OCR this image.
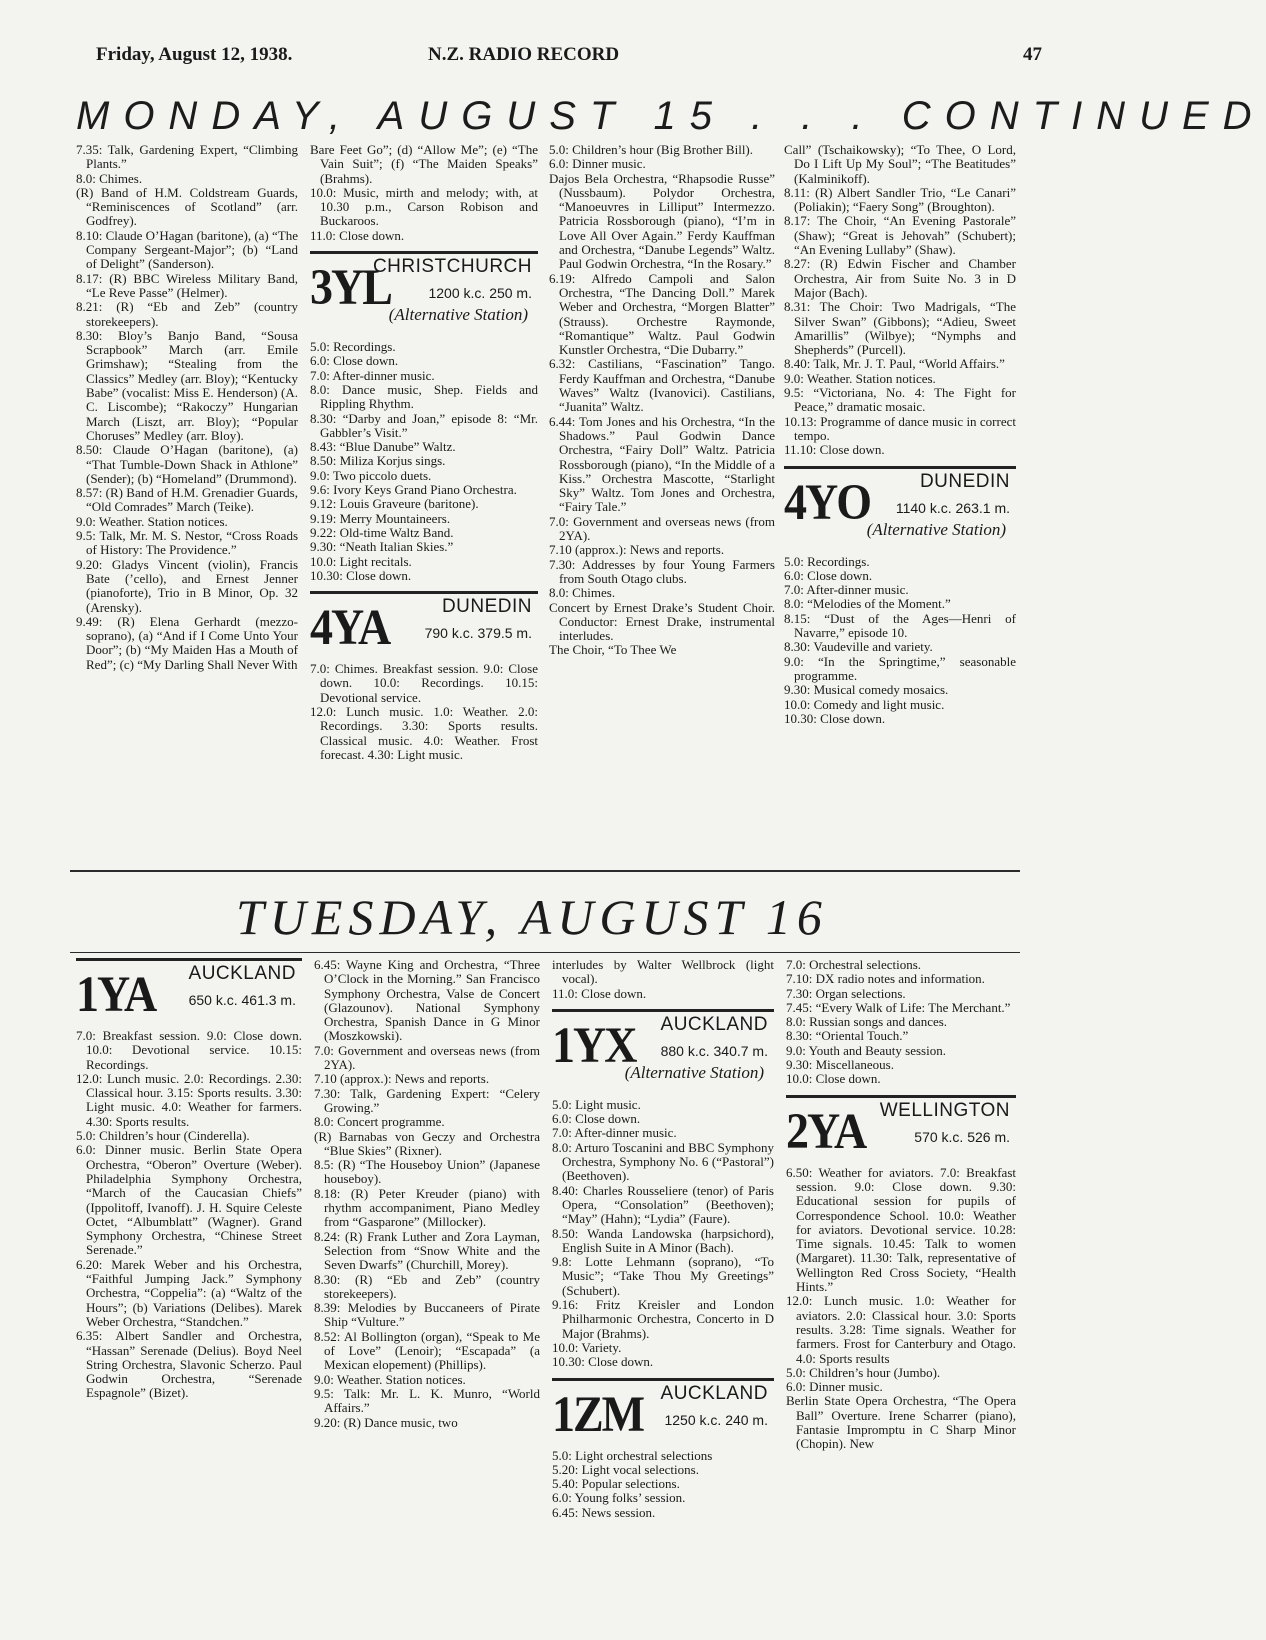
Friday, August 12, 1938.	N.Z. RADIO RECORD	47
MONDAY, AUGUST 15 . . . CONTINUED

7.35: Talk, Gardening Expert, “Climbing Plants.”

8.0: Chimes.

(R) Band of H.M. Coldstream Guards, “Reminiscences of Scotland” (arr. Godfrey).

8.10: Claude O’Hagan (baritone), (a) “The Company Sergeant-Major”; (b) “Land of Delight” (Sanderson).

8.17: (R) BBC Wireless Military Band, “Le Reve Passe” (Helmer).

8.21: (R) “Eb and Zeb” (country storekeepers).

8.30: Bloy’s Banjo Band, “Sousa Scrapbook” March (arr. Emile Grimshaw); “Stealing from the Classics” Medley (arr. Bloy); “Kentucky Babe” (vocalist: Miss E. Henderson) (A. C. Liscombe); “Rakoczy” Hungarian March (Liszt, arr. Bloy); “Popular Choruses” Medley (arr. Bloy).

8.50: Claude O’Hagan (baritone), (a) “That Tumble-Down Shack in Athlone” (Sender); (b) “Homeland” (Drummond).

8.57: (R) Band of H.M. Grenadier Guards, “Old Comrades” March (Teike).

9.0: Weather. Station notices.

9.5: Talk, Mr. M. S. Nestor, “Cross Roads of History: The Providence.”

9.20: Gladys Vincent (violin), Francis Bate (’cello), and Ernest Jenner (pianoforte), Trio in B Minor, Op. 32 (Arensky).

9.49: (R) Elena Gerhardt (mezzo-soprano), (a) “And if I Come Unto Your Door”; (b) “My Maiden Has a Mouth of Red”; (c) “My Darling Shall Never With

Bare Feet Go”; (d) “Allow Me”; (e) “The Vain Suit”; (f) “The Maiden Speaks” (Brahms).

10.0: Music, mirth and melody; with, at 10.30 p.m., Carson Robison and Buckaroos.

11.0: Close down.

3YL
CHRISTCHURCH
1200 k.c. 250 m.
(Alternative Station)

5.0: Recordings.

6.0: Close down.

7.0: After-dinner music.

8.0: Dance music, Shep. Fields and Rippling Rhythm.

8.30: “Darby and Joan,” episode 8: “Mr. Gabbler’s Visit.”

8.43: “Blue Danube” Waltz.

8.50: Miliza Korjus sings.

9.0: Two piccolo duets.

9.6: Ivory Keys Grand Piano Orchestra.

9.12: Louis Graveure (baritone).

9.19: Merry Mountaineers.

9.22: Old-time Waltz Band.

9.30: “Neath Italian Skies.”

10.0: Light recitals.

10.30: Close down.

4YA	DUNEDIN
790 k.c. 379.5 m.

7.0: Chimes. Breakfast session. 9.0: Close down. 10.0: Recordings. 10.15: Devotional service.

12.0: Lunch music. 1.0: Weather. 2.0: Recordings. 3.30: Sports results. Classical music. 4.0: Weather. Frost forecast. 4.30: Light music.

5.0: Children’s hour (Big Brother Bill).

6.0: Dinner music.

Dajos Bela Orchestra, “Rhapsodie Russe” (Nussbaum). Polydor Orchestra, “Manoeuvres in Lilliput” Intermezzo. Patricia Rossborough (piano), “I’m in Love All Over Again.” Ferdy Kauffman and Orchestra, “Danube Legends” Waltz. Paul Godwin Orchestra, “In the Rosary.”

6.19: Alfredo Campoli and Salon Orchestra, “The Dancing Doll.” Marek Weber and Orchestra, “Morgen Blatter” (Strauss). Orchestre Raymonde, “Romantique” Waltz. Paul Godwin Kunstler Orchestra, “Die Dubarry.”

6.32: Castilians, “Fascination” Tango. Ferdy Kauffman and Orchestra, “Danube Waves” Waltz (Ivanovici). Castilians, “Juanita” Waltz.

6.44: Tom Jones and his Orchestra, “In the Shadows.” Paul Godwin Dance Orchestra, “Fairy Doll” Waltz. Patricia Rossborough (piano), “In the Middle of a Kiss.” Orchestra Mascotte, “Starlight Sky” Waltz. Tom Jones and Orchestra, “Fairy Tale.”

7.0: Government and overseas news (from 2YA).

7.10 (approx.): News and reports.

7.30: Addresses by four Young Farmers from South Otago clubs.

8.0: Chimes.

Concert by Ernest Drake’s Student Choir. Conductor: Ernest Drake, instrumental interludes.

The Choir, “To Thee We

Call” (Tschaikowsky); “To Thee, O Lord, Do I Lift Up My Soul”; “The Beatitudes” (Kalminikoff).

8.11: (R) Albert Sandler Trio, “Le Canari” (Poliakin); “Faery Song” (Broughton).

8.17: The Choir, “An Evening Pastorale” (Shaw); “Great is Jehovah” (Schubert); “An Evening Lullaby” (Shaw).

8.27: (R) Edwin Fischer and Chamber Orchestra, Air from Suite No. 3 in D Major (Bach).

8.31: The Choir: Two Madrigals, “The Silver Swan” (Gibbons); “Adieu, Sweet Amarillis” (Wilbye); “Nymphs and Shepherds” (Purcell).

8.40: Talk, Mr. J. T. Paul, “World Affairs.”

9.0: Weather. Station notices.

9.5: “Victoriana, No. 4: The Fight for Peace,” dramatic mosaic.

10.13: Programme of dance music in correct tempo.

11.10: Close down.

4YO	DUNEDIN
1140 k.c. 263.1 m.
(Alternative Station)

5.0: Recordings.

6.0: Close down.

7.0: After-dinner music.

8.0: “Melodies of the Moment.”

8.15: “Dust of the Ages—Henri of Navarre,” episode 10.

8.30: Vaudeville and variety.

9.0: “In the Springtime,” seasonable programme.

9.30: Musical comedy mosaics.

10.0: Comedy and light music.

10.30: Close down.

TUESDAY, AUGUST 16
1YA AUCKLAND
650 k.c. 461.3 m.

7.0: Breakfast session. 9.0: Close down. 10.0: Devotional service. 10.15: Recordings.

12.0: Lunch music. 2.0: Recordings. 2.30: Classical hour. 3.15: Sports results. 3.30: Light music. 4.0: Weather for farmers. 4.30: Sports results.

5.0: Children’s hour (Cinderella).

6.0: Dinner music. Berlin State Opera Orchestra, “Oberon” Overture (Weber). Philadelphia Symphony Orchestra, “March of the Caucasian Chiefs” (Ippolitoff, Ivanoff). J. H. Squire Celeste Octet, “Albumblatt” (Wagner). Grand Symphony Orchestra, “Chinese Street Serenade.”

6.20: Marek Weber and his Orchestra, “Faithful Jumping Jack.” Symphony Orchestra, “Coppelia”: (a) “Waltz of the Hours”; (b) Variations (Delibes). Marek Weber Orchestra, “Standchen.”

6.35: Albert Sandler and Orchestra, “Hassan” Serenade (Delius). Boyd Neel String Orchestra, Slavonic Scherzo. Paul Godwin Orchestra, “Serenade Espagnole” (Bizet).

6.45: Wayne King and Orchestra, “Three O’Clock in the Morning.” San Francisco Symphony Orchestra, Valse de Concert (Glazounov). National Symphony Orchestra, Spanish Dance in G Minor (Moszkowski).

7.0: Government and overseas news (from 2YA).

7.10 (approx.): News and reports.

7.30: Talk, Gardening Expert: “Celery Growing.”

8.0: Concert programme.

(R) Barnabas von Geczy and Orchestra “Blue Skies” (Rixner).

8.5: (R) “The Houseboy Union” (Japanese houseboy).

8.18: (R) Peter Kreuder (piano) with rhythm accompaniment, Piano Medley from “Gasparone” (Millocker).

8.24: (R) Frank Luther and Zora Layman, Selection from “Snow White and the Seven Dwarfs” (Churchill, Morey).

8.30: (R) “Eb and Zeb” (country storekeepers).

8.39: Melodies by Buccaneers of Pirate Ship “Vulture.”

8.52: Al Bollington (organ), “Speak to Me of Love” (Lenoir); “Escapada” (a Mexican elopement) (Phillips).

9.0: Weather. Station notices.

9.5: Talk: Mr. L. K. Munro, “World Affairs.”

9.20: (R) Dance music, two

interludes by Walter Wellbrock (light vocal).

11.0: Close down.

1YX AUCKLAND
880 k.c. 340.7 m.
(Alternative Station)

5.0: Light music.

6.0: Close down.

7.0: After-dinner music.

8.0: Arturo Toscanini and BBC Symphony Orchestra, Symphony No. 6 (“Pastoral”) (Beethoven).

8.40: Charles Rousseliere (tenor) of Paris Opera, “Consolation” (Beethoven); “May” (Hahn); “Lydia” (Faure).

8.50: Wanda Landowska (harpsichord), English Suite in A Minor (Bach).

9.8: Lotte Lehmann (soprano), “To Music”; “Take Thou My Greetings” (Schubert).

9.16: Fritz Kreisler and London Philharmonic Orchestra, Concerto in D Major (Brahms).

10.0: Variety.

10.30: Close down.

1ZM AUCKLAND
1250 k.c. 240 m.

5.0: Light orchestral selections

5.20: Light vocal selections.

5.40: Popular selections.

6.0: Young folks’ session.

6.45: News session.

7.0: Orchestral selections.

7.10: DX radio notes and information.

7.30: Organ selections.

7.45: “Every Walk of Life: The Merchant.”

8.0: Russian songs and dances.

8.30: “Oriental Touch.”

9.0: Youth and Beauty session.

9.30: Miscellaneous.

10.0: Close down.

2YA WELLINGTON
570 k.c. 526 m.

6.50: Weather for aviators. 7.0: Breakfast session. 9.0: Close down. 9.30: Educational session for pupils of Correspondence School. 10.0: Weather for aviators. Devotional service. 10.28: Time signals. 10.45: Talk to women (Margaret). 11.30: Talk, representative of Wellington Red Cross Society, “Health Hints.”

12.0: Lunch music. 1.0: Weather for aviators. 2.0: Classical hour. 3.0: Sports results. 3.28: Time signals. Weather for farmers. Frost for Canterbury and Otago. 4.0: Sports results

5.0: Children’s hour (Jumbo).

6.0: Dinner music.

Berlin State Opera Orchestra, “The Opera Ball” Overture. Irene Scharrer (piano), Fantasie Impromptu in C Sharp Minor (Chopin). New
